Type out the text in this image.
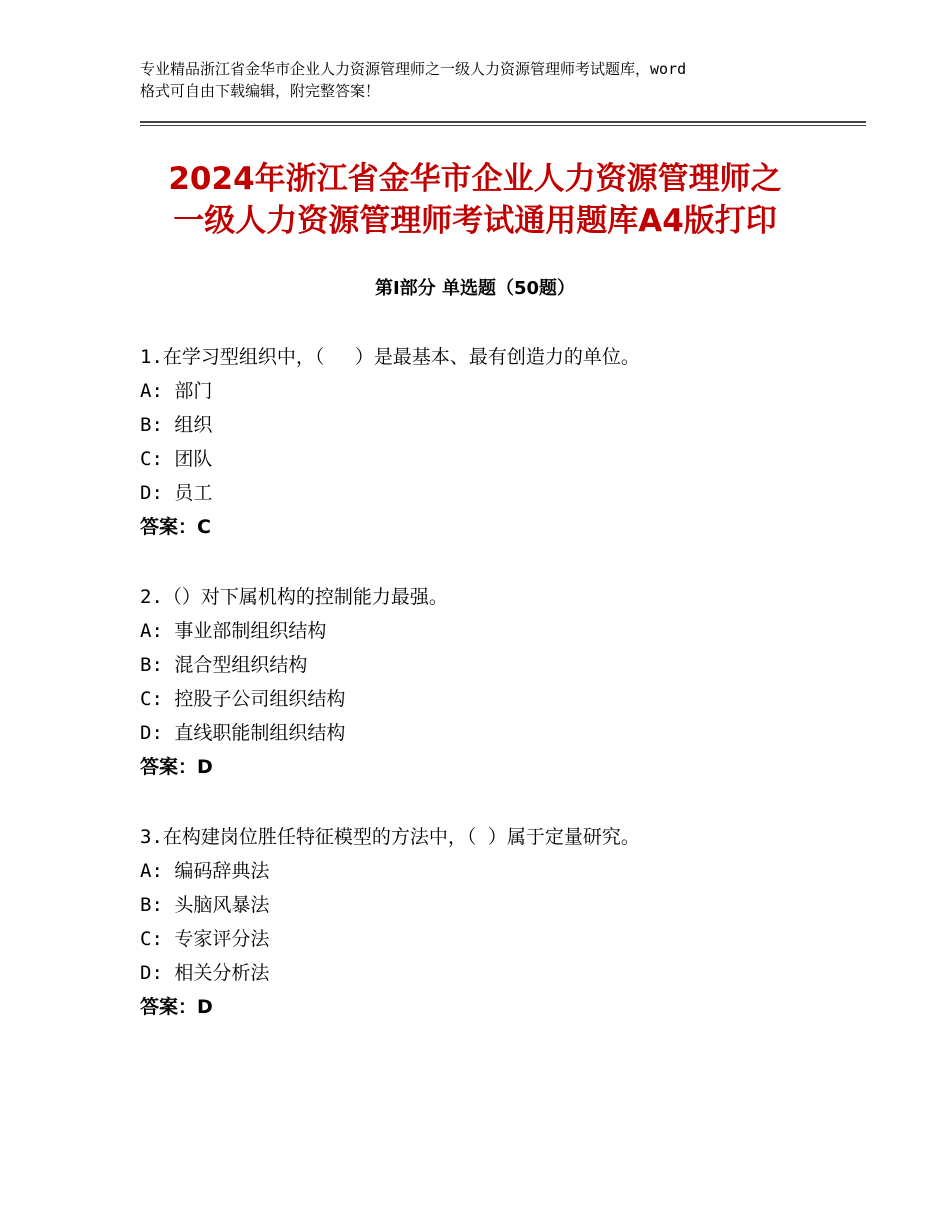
专业精品浙江省金华市企业人力资源管理师之一级人力资源管理师考试题库，word
格式可自由下载编辑，附完整答案！
2024年浙江省金华市企业人力资源管理师之
一级人力资源管理师考试通用题库A4版打印
第Ⅰ部分 单选题（50题）
1.在学习型组织中，（　 ）是最基本、最有创造力的单位。
A: 部门
B: 组织
C: 团队
D: 员工
答案：C
2.（）对下属机构的控制能力最强。
A: 事业部制组织结构
B: 混合型组织结构
C: 控股子公司组织结构
D: 直线职能制组织结构
答案：D
3.在构建岗位胜任特征模型的方法中，（ ）属于定量研究。
A: 编码辞典法
B: 头脑风暴法
C: 专家评分法
D: 相关分析法
答案：D
